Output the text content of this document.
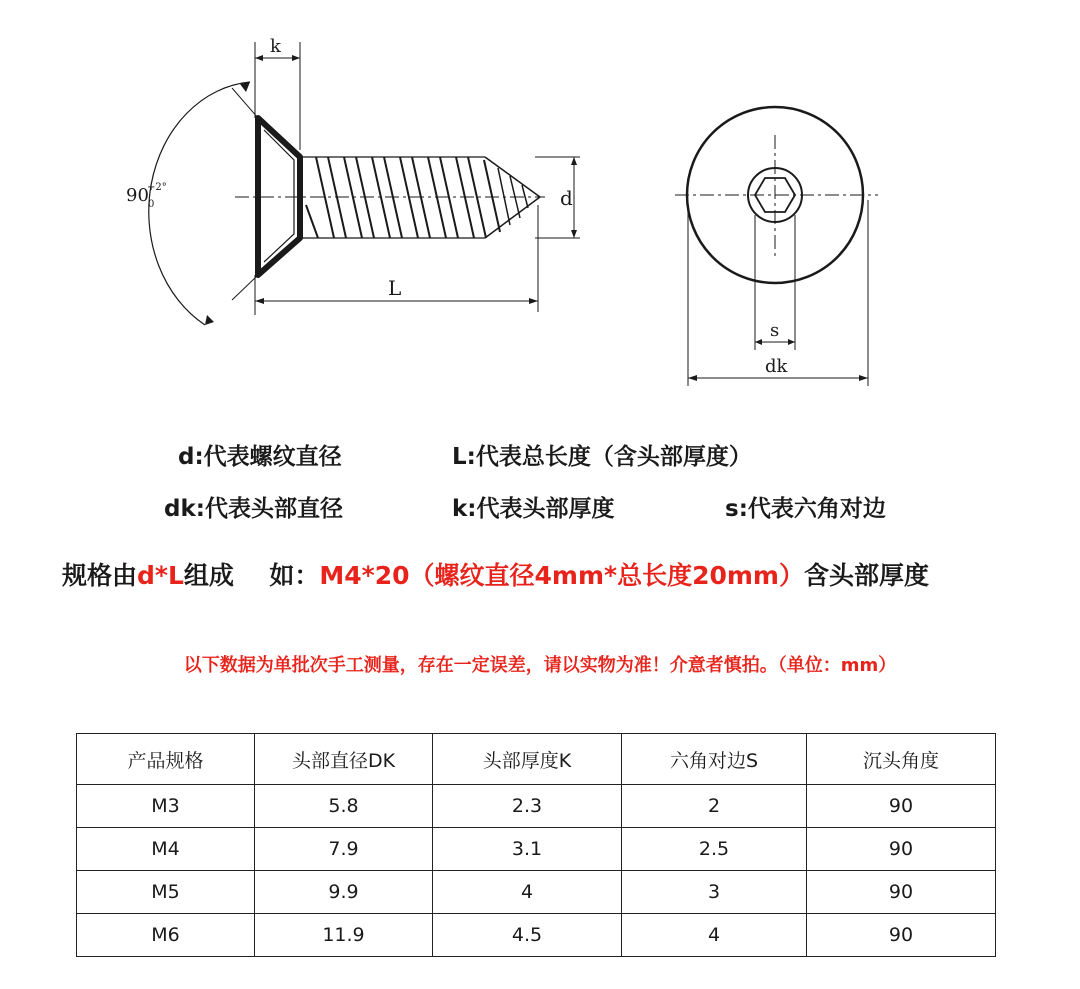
k
d
L
90
+2°
0
s
dk
d:代表螺纹直径	L:代表总长度（含头部厚度）
dk:代表头部直径	k:代表头部厚度	s:代表六角对边
规格由d*L组成 如：M4*20（螺纹直径4mm*总长度20mm）含头部厚度
以下数据为单批次手工测量，存在一定误差，请以实物为准！介意者慎拍。（单位：mm）
产品规格	头部直径DK	头部厚度K	六角对边S	沉头角度
M3	5.8	2.3	2	90
M4	7.9	3.1	2.5	90
M5	9.9	4	3	90
M6	11.9	4.5	4	90
